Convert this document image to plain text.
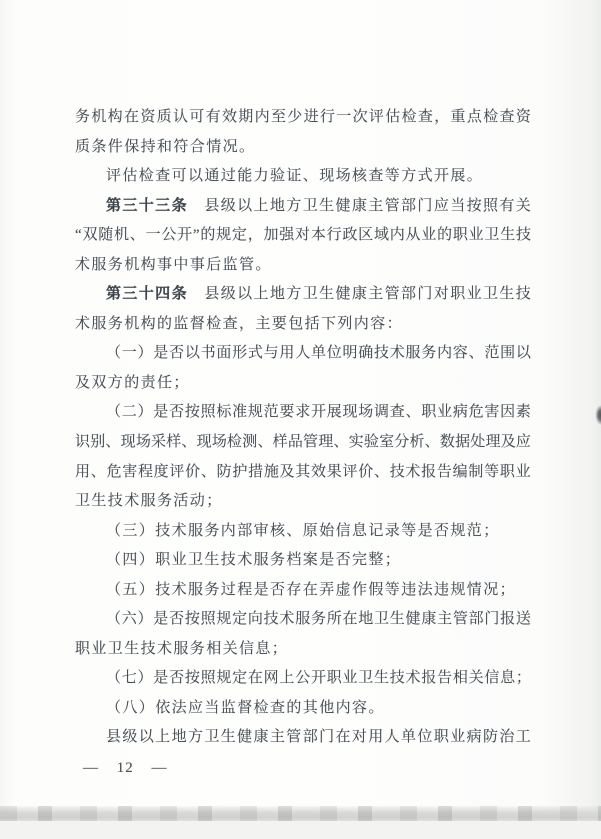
务 机 构 在 资 质 认 可 有 效 期 内 至 少 进 行 一 次 评 估 检 查 ， 重 点 检 查 资
质条件保持和符合情况。
评估检查可以通过能力验证、现场核查等方式开展。
第 三 十 三 条
　 县 级 以 上 地 方 卫 生 健 康 主 管 部 门 应 当 按 照 有 关
“ 双 随 机 、 一 公 开 ” 的 规 定 ， 加 强 对 本 行 政 区 域 内 从 业 的 职 业 卫 生 技
术服务机构事中事后监管。
第 三 十 四 条
　 县 级 以 上 地 方 卫 生 健 康 主 管 部 门 对 职 业 卫 生 技
术服务机构的监督检查，主要包括下列内容：
（ 一 ） 是 否 以 书 面 形 式 与 用 人 单 位 明 确 技 术 服 务 内 容 、 范 围 以
及双方的责任；
（ 二 ） 是 否 按 照 标 准 规 范 要 求 开 展 现 场 调 查 、 职 业 病 危 害 因 素
识 别 、 现 场 采 样 、 现 场 检 测 、 样 品 管 理 、 实 验 室 分 析 、 数 据 处 理 及 应
用 、 危 害 程 度 评 价 、 防 护 措 施 及 其 效 果 评 价 、 技 术 报 告 编 制 等 职 业
卫生技术服务活动；
（三）技术服务内部审核、原始信息记录等是否规范；
（四）职业卫生技术服务档案是否完整；
（五）技术服务过程是否存在弄虚作假等违法违规情况；
（ 六 ） 是 否 按 照 规 定 向 技 术 服 务 所 在 地 卫 生 健 康 主 管 部 门 报 送
职业卫生技术服务相关信息；
（ 七 ） 是 否 按 照 规 定 在 网 上 公 开 职 业 卫 生 技 术 报 告 相 关 信 息 ；
（八）依法应当监督检查的其他内容。
县 级 以 上 地 方 卫 生 健 康 主 管 部 门 在 对 用 人 单 位 职 业 病 防 治 工
— 12 —
